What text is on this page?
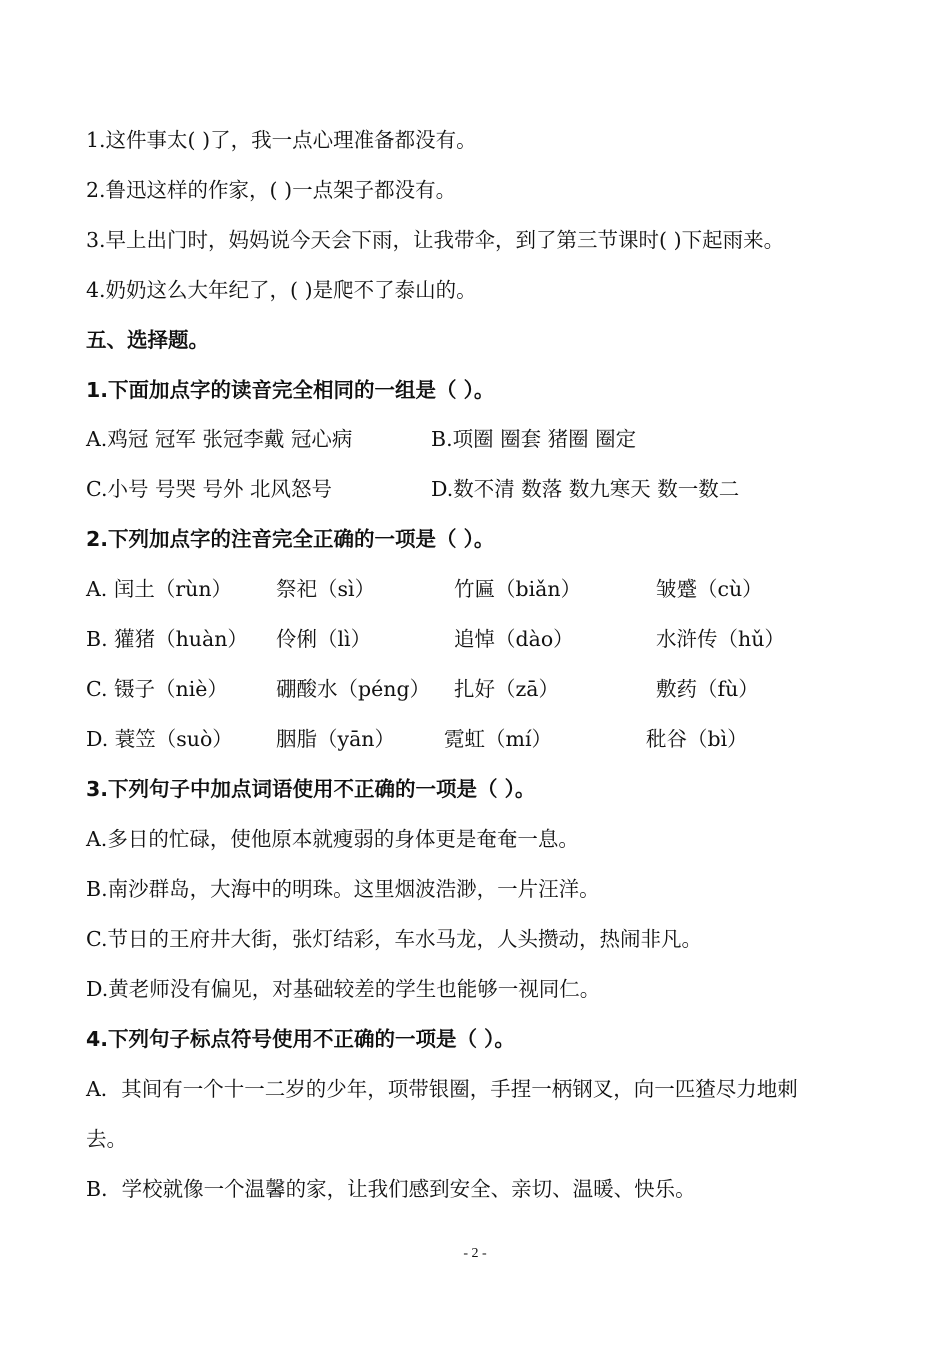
1.这件事太( )了，我一点心理准备都没有。
2.鲁迅这样的作家，( )一点架子都没有。
3.早上出门时，妈妈说今天会下雨，让我带伞，到了第三节课时( )下起雨来。
4.奶奶这么大年纪了，( )是爬不了泰山的。
五、选择题。
1.下面加点字的读音完全相同的一组是（ ）。
A.鸡冠 冠军 张冠李戴 冠心病	B.项圈 圈套 猪圈 圈定
C.小号 号哭 号外 北风怒号	D.数不清 数落 数九寒天 数一数二
2.下列加点字的注音完全正确的一项是（ ）。
A. 闰土（rùn） 祭祀（sì）	竹匾（biǎn）	皱蹙（cù）
B. 獾猪（huàn） 伶俐（lì）	追悼（dào）	水浒传（hǔ）
C. 镊子（niè） 硼酸水（péng） 扎好（zā）	敷药（fù）
D. 蓑笠（suò） 胭脂（yān） 霓虹（mí）	秕谷（bì）
3.下列句子中加点词语使用不正确的一项是（ ）。
A.多日的忙碌，使他原本就瘦弱的身体更是奄奄一息。
B.南沙群岛，大海中的明珠。这里烟波浩渺，一片汪洋。
C.节日的王府井大街，张灯结彩，车水马龙，人头攒动，热闹非凡。
D.黄老师没有偏见，对基础较差的学生也能够一视同仁。
4.下列句子标点符号使用不正确的一项是（ ）。
A．其间有一个十一二岁的少年，项带银圈，手捏一柄钢叉，向一匹猹尽力地刺
去。
B．学校就像一个温馨的家，让我们感到安全、亲切、温暖、快乐。
- 2 -
